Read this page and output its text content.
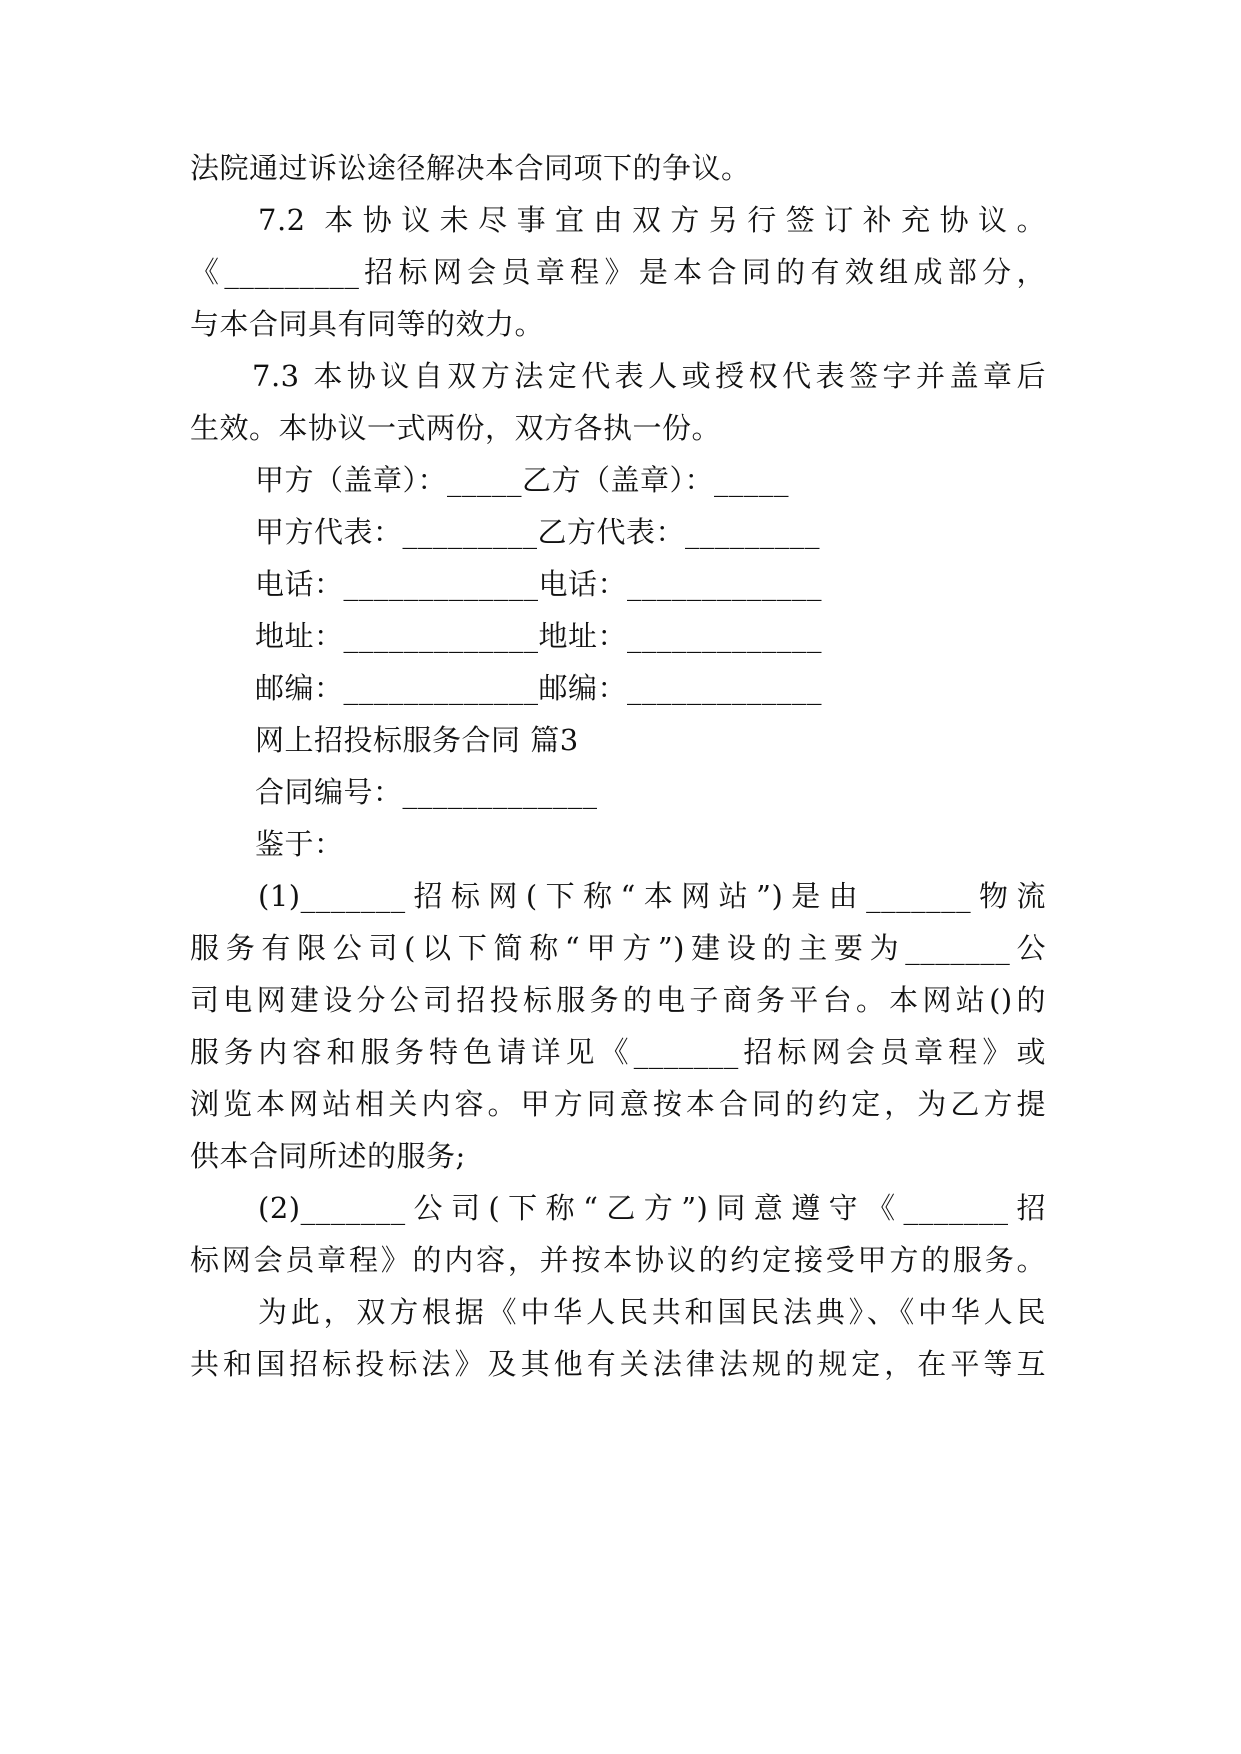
法院通过诉讼途径解决本合同项下的争议。
7.2 本协议未尽事宜由双方另行签订补充协议。
《_________招标网会员章程》是本合同的有效组成部分，
与本合同具有同等的效力。
7.3 本协议自双方法定代表人或授权代表签字并盖章后
生效。本协议一式两份，双方各执一份。
甲方（盖章）：_____乙方（盖章）：_____
甲方代表：_________乙方代表：_________
电话：_____________电话：_____________
地址：_____________地址：_____________
邮编：_____________邮编：_____________
网上招投标服务合同 篇3
合同编号：_____________
鉴于：
(1)_______招标网(下称“本网站”)是由_______物流
服务有限公司(以下简称“甲方”)建设的主要为_______公
司电网建设分公司招投标服务的电子商务平台。本网站()的
服务内容和服务特色请详见《_______招标网会员章程》或
浏览本网站相关内容。甲方同意按本合同的约定，为乙方提
供本合同所述的服务;
(2)_______公司(下称“乙方”)同意遵守《_______招
标网会员章程》的内容，并按本协议的约定接受甲方的服务。
为此，双方根据《中华人民共和国民法典》、《中华人民
共和国招标投标法》及其他有关法律法规的规定，在平等互
